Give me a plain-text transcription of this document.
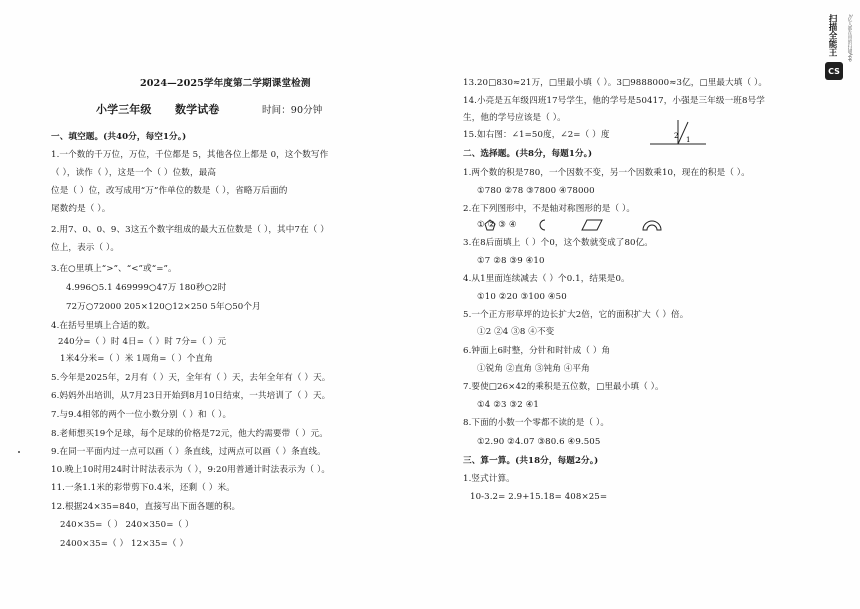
2024—2025学年度第二学期课堂检测
小学三年级 数学试卷	时间：90分钟
一、填空题。(共40分，每空1分。)
1.一个数的千万位，万位，千位都是 5，其他各位上都是 0，这个数写作
（ ），读作（ ），这是一个（ ）位数，最高
位是（ ）位，改写成用“万”作单位的数是（ ），省略万后面的
尾数约是（ ）。
2.用7、0、0、9、3这五个数字组成的最大五位数是（ ），其中7在（ ）
位上，表示（ ）。
3.在○里填上“>”、“<”或“=”。
4.996○5.1 469999○47万 180秒○2时
72万○72000 205×120○12×250 5年○50个月
4.在括号里填上合适的数。
240分=（ ）时 4日=（ ）时 7分=（ ）元
1米4分米=（ ）米 1周角=（ ）个直角
5.今年是2025年，2月有（ ）天，全年有（ ）天，去年全年有（ ）天。
6.妈妈外出培训，从7月23日开始到8月10日结束，一共培训了（ ）天。
7.与9.4相邻的两个一位小数分别（ ）和（ ）。
8.老师想买19个足球，每个足球的价格是72元，他大约需要带（ ）元。
9.在同一平面内过一点可以画（ ）条直线，过两点可以画（ ）条直线。
10.晚上10时用24时计时法表示为（ ），9:20用普通计时法表示为（ ）。
11.一条1.1米的彩带剪下0.4米，还剩（ ）米。
12.根据24×35=840，直接写出下面各题的积。
240×35=（ ） 240×350=（ ）
2400×35=（ ） 12×35=（ ）
13.20□830≈21万，□里最小填（ ）。3□9888000≈3亿，□里最大填（ ）。
14.小亮是五年级四班17号学生，他的学号是50417，小强是三年级一班8号学
生，他的学号应该是（ ）。
15.如右图：∠1=50度，∠2=（ ）度
二、选择题。(共8分，每题1分。)
1.两个数的积是780，一个因数不变，另一个因数乘10，现在的积是（ ）。
①780 ②78 ③7800 ④78000
2.在下列图形中，不是轴对称图形的是（ ）。
① ② ③ ④
3.在8后面填上（ ）个0，这个数就变成了80亿。
①7 ②8 ③9 ④10
4.从1里面连续减去（ ）个0.1，结果是0。
①10 ②20 ③100 ④50
5.一个正方形草坪的边长扩大2倍，它的面积扩大（ ）倍。
①2 ②4 ③8 ④不变
6.钟面上6时整，分针和时针成（ ）角
①锐角 ②直角 ③钝角 ④平角
7.要使□26×42的乘积是五位数，□里最小填（ ）。
①4 ②3 ③2 ④1
8.下面的小数一个零都不读的是（ ）。
①2.90 ②4.07 ③80.6 ④9.505
三、算一算。(共18分，每题2分。)
1.竖式计算。
10-3.2= 2.9+15.18= 408×25=
2 1
扫描全能王
CS
3亿人都在用的扫描App
